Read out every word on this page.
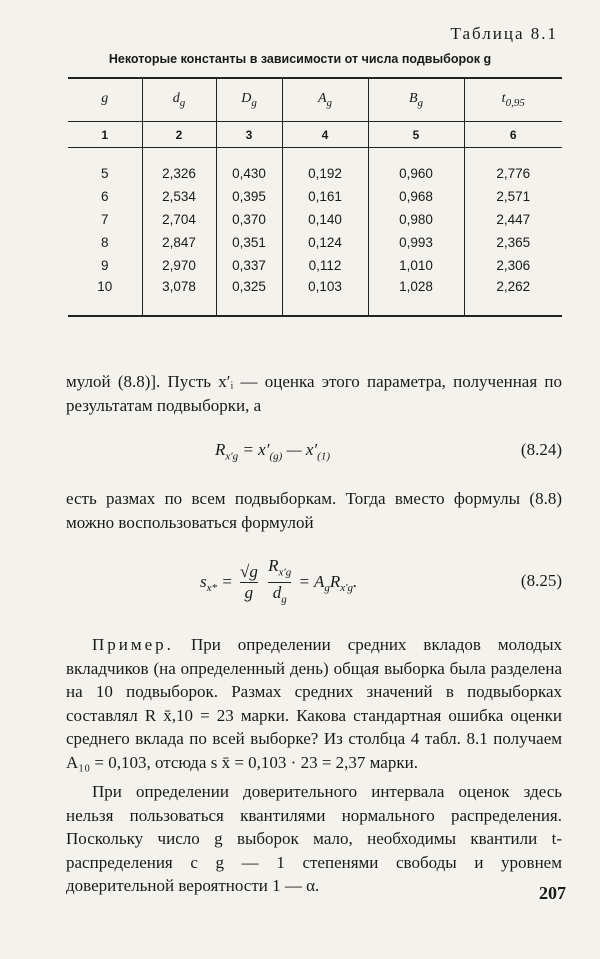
Таблица 8.1
Некоторые константы в зависимости от числа подвыборок g
g	$d_g$	$D_g$	$A_g$	$B_g$	$t_{0,95}$
1	2	3	4	5	6

5	2,326	0,430	0,192	0,960	2,776
6	2,534	0,395	0,161	0,968	2,571
7	2,704	0,370	0,140	0,980	2,447
8	2,847	0,351	0,124	0,993	2,365
9	2,970	0,337	0,112	1,010	2,306
10	3,078	0,325	0,103	1,028	2,262
мулой (8.8)]. Пусть x′ᵢ — оценка этого параметра, полученная по результатам подвыборки, а
$R_{x'g} = x'_{(g)}$ — $x'_{(1)}$	(8.24)
есть размах по всем подвыборкам. Тогда вместо формулы (8.8) можно воспользоваться формулой
$s_{x*} = \frac{√g}{g}$
$\frac{R_{x'g}}{d_g} = A_gR_{x'g}$.	(8.25)
Пример. При определении средних вкладов молодых вкладчиков (на определенный день) общая выборка была разделена на 10 подвыборок. Размах средних значений в подвыборках составлял R x̄,10 = 23 марки. Какова стандартная ошибка оценки среднего вклада по всей выборке? Из столбца 4 табл. 8.1 получаем A₁₀ = 0,103, отсюда s x̄ = 0,103 · 23 = 2,37 марки.
При определении доверительного интервала оценок здесь нельзя пользоваться квантилями нормального распределения. Поскольку число g выборок мало, необходимы квантили t-распределения с g — 1 степенями свободы и уровнем доверительной вероятности 1 — α.	207
